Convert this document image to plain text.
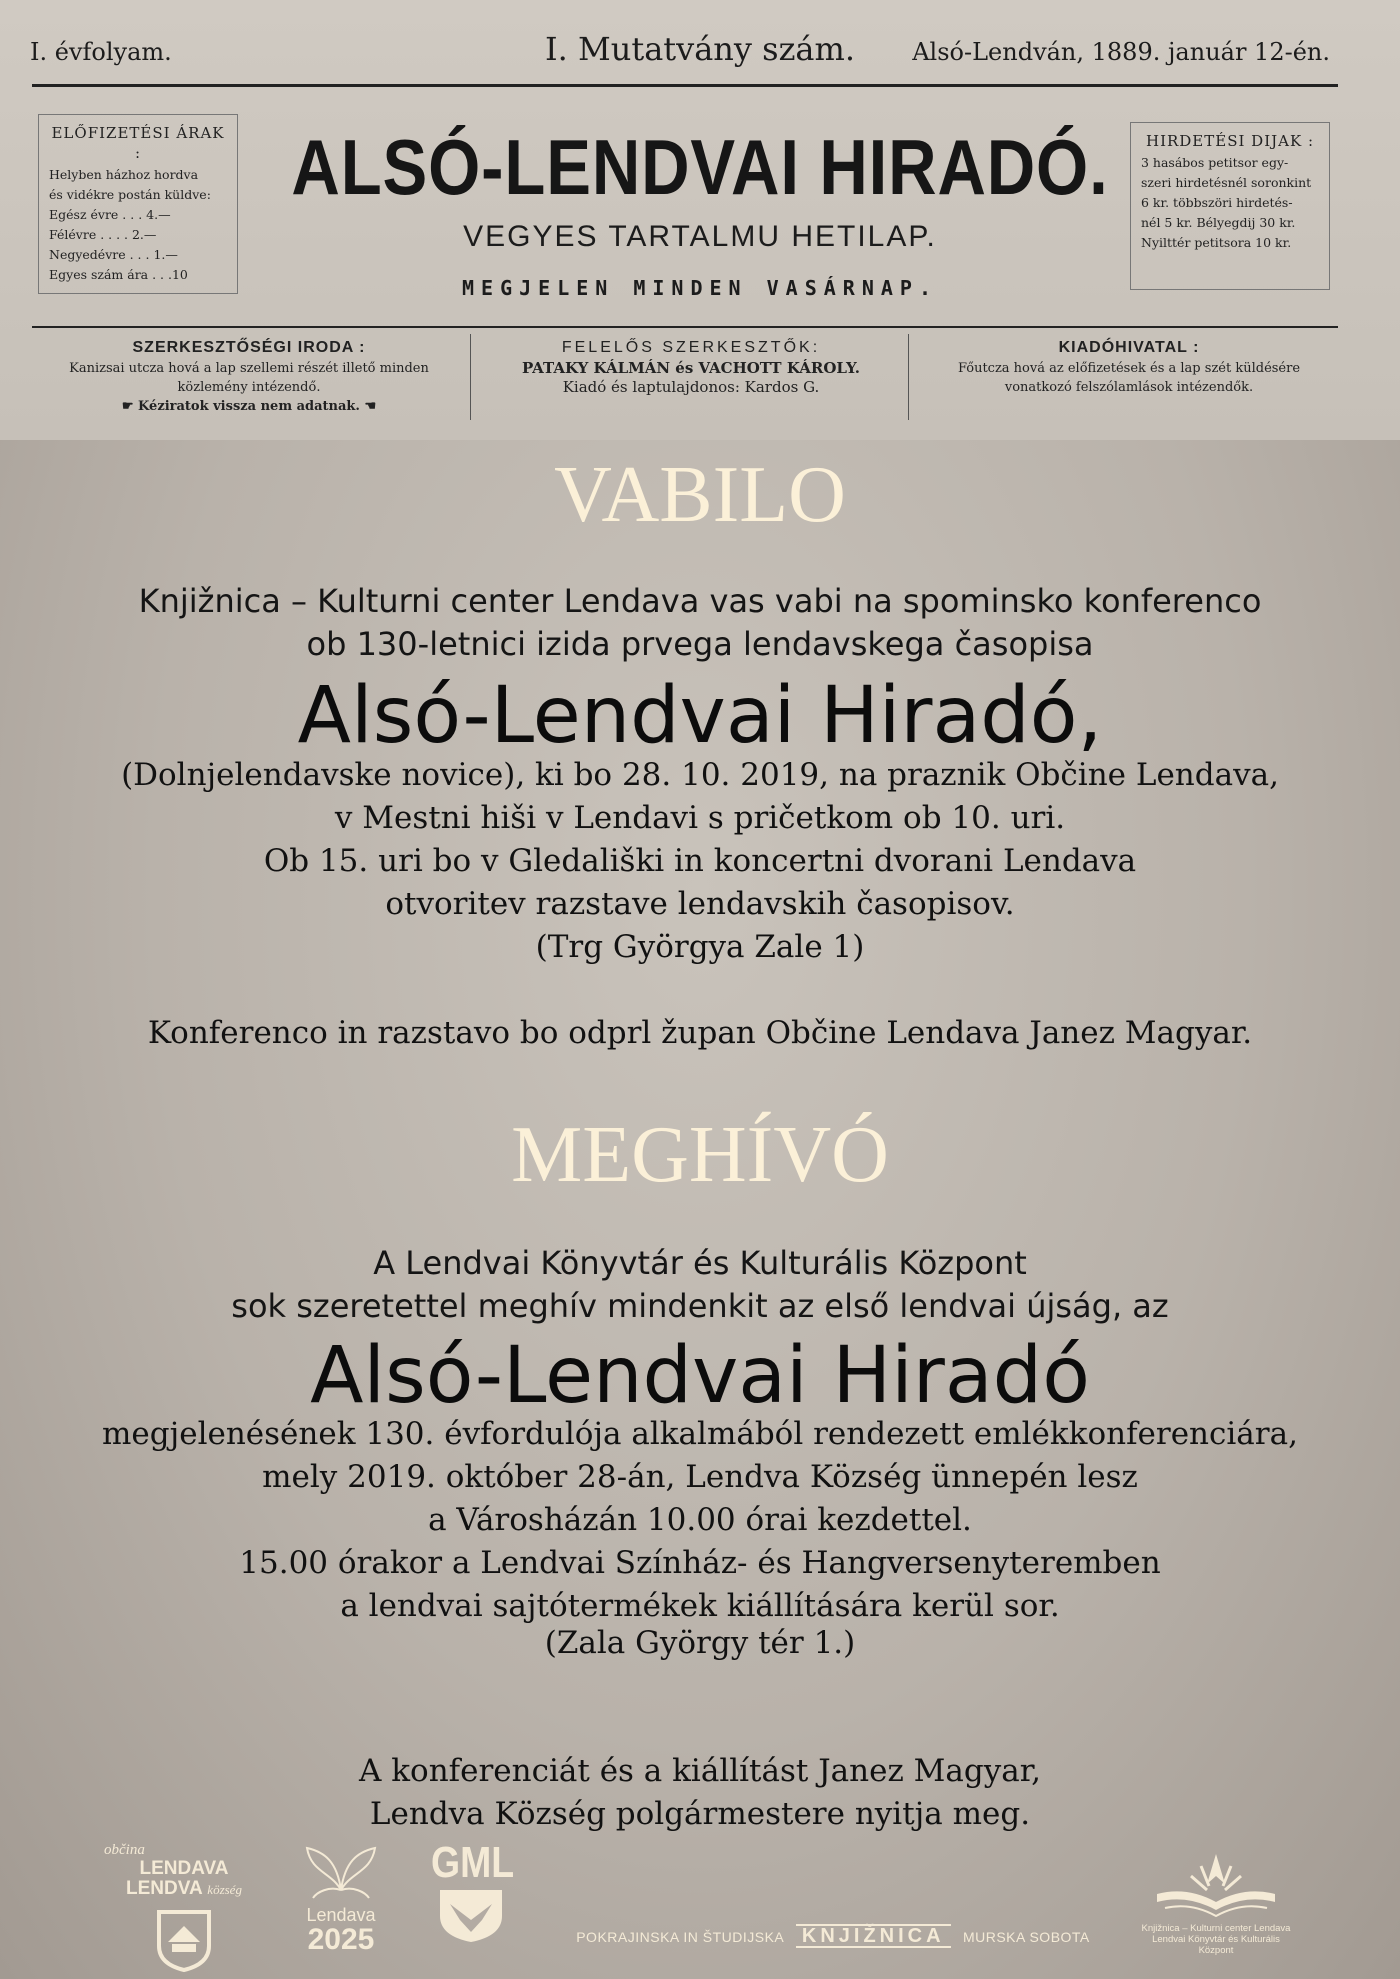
I. évfolyam.	I. Mutatvány szám.	Alsó-Lendván, 1889. január 12-én.
ELŐFIZETÉSI ÁRAK :
Helyben házhoz hordva
és vidékre postán küldve:
Egész évre . . . 4.—
Félévre . . . . 2.—
Negyedévre . . . 1.—
Egyes szám ára . . .10
ALSÓ-LENDVAI HIRADÓ.
VEGYES TARTALMU HETILAP.
MEGJELEN MINDEN VASÁRNAP.
HIRDETÉSI DIJAK :
3 hasábos petitsor egy-
szeri hirdetésnél soronkint
6 kr. többszöri hirdetés-
nél 5 kr. Bélyegdij 30 kr.
Nyilttér petitsora 10 kr.
SZERKESZTŐSÉGI IRODA :
Kanizsai utcza hová a lap szellemi részét illető minden
közlemény intézendő.
☛ Kéziratok vissza nem adatnak. ☚
FELELŐS SZERKESZTŐK:
PATAKY KÁLMÁN és VACHOTT KÁROLY.
Kiadó és laptulajdonos: Kardos G.
KIADÓHIVATAL :
Főutcza hová az előfizetések és a lap szét küldésére
vonatkozó felszólamlások intézendők.
VABILO
Knjižnica – Kulturni center Lendava vas vabi na spominsko konferenco
ob 130-letnici izida prvega lendavskega časopisa
Alsó-Lendvai Hiradó,
(Dolnjelendavske novice), ki bo 28. 10. 2019, na praznik Občine Lendava,
v Mestni hiši v Lendavi s pričetkom ob 10. uri.
Ob 15. uri bo v Gledališki in koncertni dvorani Lendava
otvoritev razstave lendavskih časopisov.
(Trg Györgya Zale 1)
Konferenco in razstavo bo odprl župan Občine Lendava Janez Magyar.
MEGHÍVÓ
A Lendvai Könyvtár és Kulturális Központ
sok szeretettel meghív mindenkit az első lendvai újság, az
Alsó-Lendvai Hiradó
megjelenésének 130. évfordulója alkalmából rendezett emlékkonferenciára,
mely 2019. október 28-án, Lendva Község ünnepén lesz
a Városházán 10.00 órai kezdettel.
15.00 órakor a Lendvai Színház- és Hangversenyteremben
a lendvai sajtótermékek kiállítására kerül sor.
(Zala György tér 1.)
A konferenciát és a kiállítást Janez Magyar,
Lendva Község polgármestere nyitja meg.
občina
LENDAVA
LENDVA község
Lendava
2025
GML
POKRAJINSKA IN ŠTUDIJSKA KNJIŽNICA MURSKA SOBOTA
Knjižnica – Kulturni center Lendava
Lendvai Könyvtár és Kulturális Központ
